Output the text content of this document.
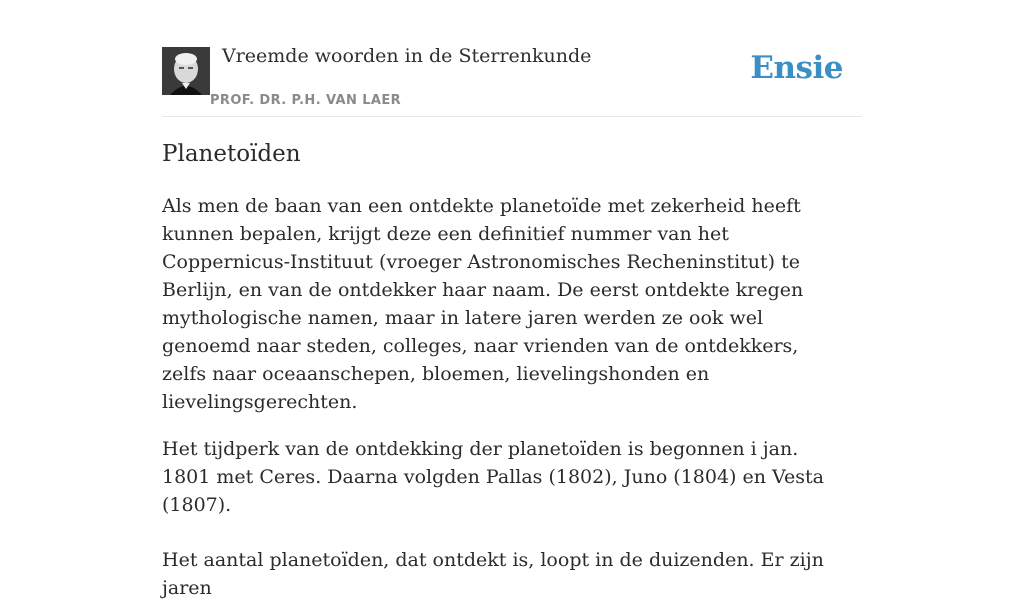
Vreemde woorden in de Sterrenkunde
PROF. DR. P.H. VAN LAER
Ensie
Planetoïden

Als men de baan van een ontdekte planetoïde met zekerheid heeft kunnen bepalen, krijgt deze een definitief nummer van het Coppernicus-Instituut (vroeger Astronomisches Recheninstitut) te Berlijn, en van de ontdekker haar naam. De eerst ontdekte kregen mythologische namen, maar in latere jaren werden ze ook wel genoemd naar steden, colleges, naar vrienden van de ontdekkers, zelfs naar oceaanschepen, bloemen, lievelingshonden en lievelingsgerechten.

Het tijdperk van de ontdekking der planetoïden is begonnen i jan. 1801 met Ceres. Daarna volgden Pallas (1802), Juno (1804) en Vesta (1807).

Het aantal planetoïden, dat ontdekt is, loopt in de duizenden. Er zijn jaren
